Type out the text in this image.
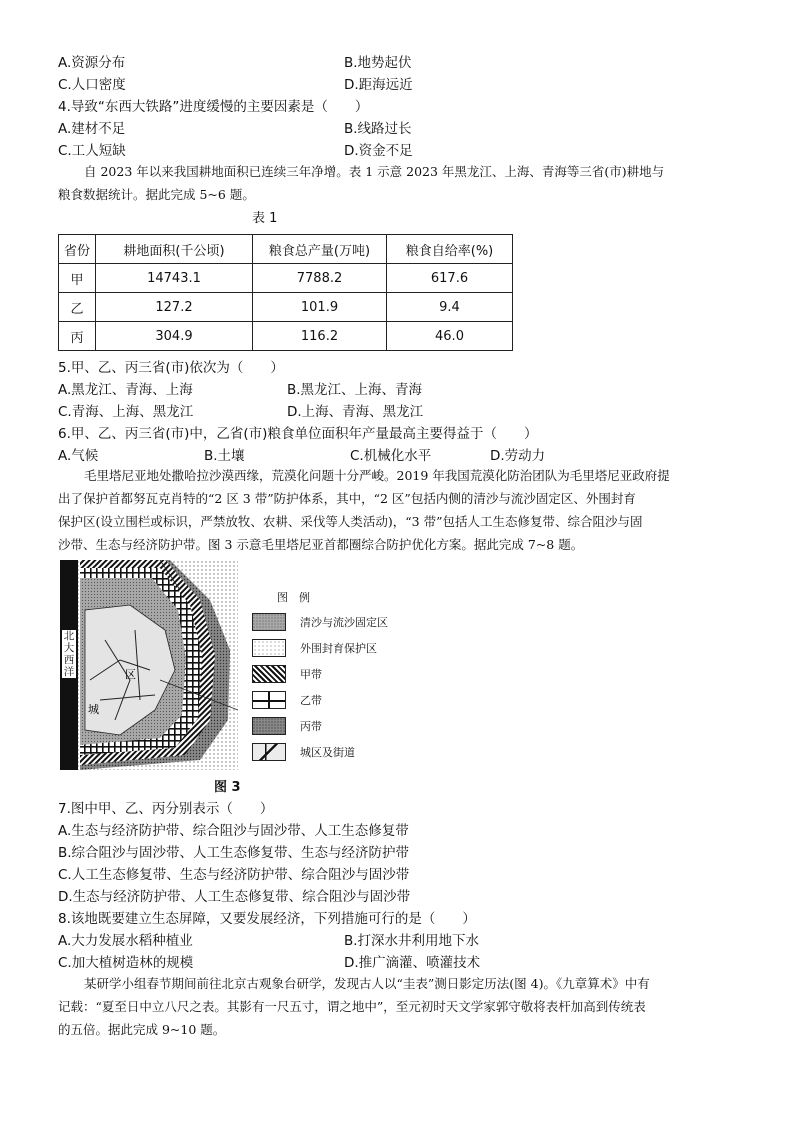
A.资源分布	B.地势起伏
C.人口密度	D.距海远近
4.导致“东西大铁路”进度缓慢的主要因素是（　　）
A.建材不足	B.线路过长
C.工人短缺	D.资金不足
自 2023 年以来我国耕地面积已连续三年净增。表 1 示意 2023 年黑龙江、上海、青海等三省(市)耕地与
粮食数据统计。据此完成 5~6 题。
表 1
省份	耕地面积(千公顷)	粮食总产量(万吨)	粮食自给率(%)
甲	14743.1	7788.2	617.6
乙	127.2	101.9	9.4
丙	304.9	116.2	46.0
5.甲、乙、丙三省(市)依次为（　　）
A.黑龙江、青海、上海	B.黑龙江、上海、青海
C.青海、上海、黑龙江	D.上海、青海、黑龙江
6.甲、乙、丙三省(市)中，乙省(市)粮食单位面积年产量最高主要得益于（　　）
A.气候	B.土壤	C.机械化水平	D.劳动力
毛里塔尼亚地处撒哈拉沙漠西缘，荒漠化问题十分严峻。2019 年我国荒漠化防治团队为毛里塔尼亚政府提
出了保护首都努瓦克肖特的“2 区 3 带”防护体系，其中，“2 区”包括内侧的清沙与流沙固定区、外围封育
保护区(设立围栏或标识，严禁放牧、农耕、采伐等人类活动)，“3 带”包括人工生态修复带、综合阻沙与固
沙带、生态与经济防护带。图 3 示意毛里塔尼亚首都圈综合防护优化方案。据此完成 7~8 题。
区
城
北大西洋
图　例
清沙与流沙固定区
外围封育保护区
甲带
乙带
丙带
城区及街道
图 3
7.图中甲、乙、丙分别表示（　　）
A.生态与经济防护带、综合阻沙与固沙带、人工生态修复带
B.综合阻沙与固沙带、人工生态修复带、生态与经济防护带
C.人工生态修复带、生态与经济防护带、综合阻沙与固沙带
D.生态与经济防护带、人工生态修复带、综合阻沙与固沙带
8.该地既要建立生态屏障，又要发展经济，下列措施可行的是（　　）
A.大力发展水稻种植业	B.打深水井利用地下水
C.加大植树造林的规模	D.推广滴灌、喷灌技术
某研学小组春节期间前往北京古观象台研学，发现古人以“圭表”测日影定历法(图 4)。《九章算术》中有
记载：“夏至日中立八尺之表。其影有一尺五寸，谓之地中”，至元初时天文学家郭守敬将表杆加高到传统表
的五倍。据此完成 9~10 题。
